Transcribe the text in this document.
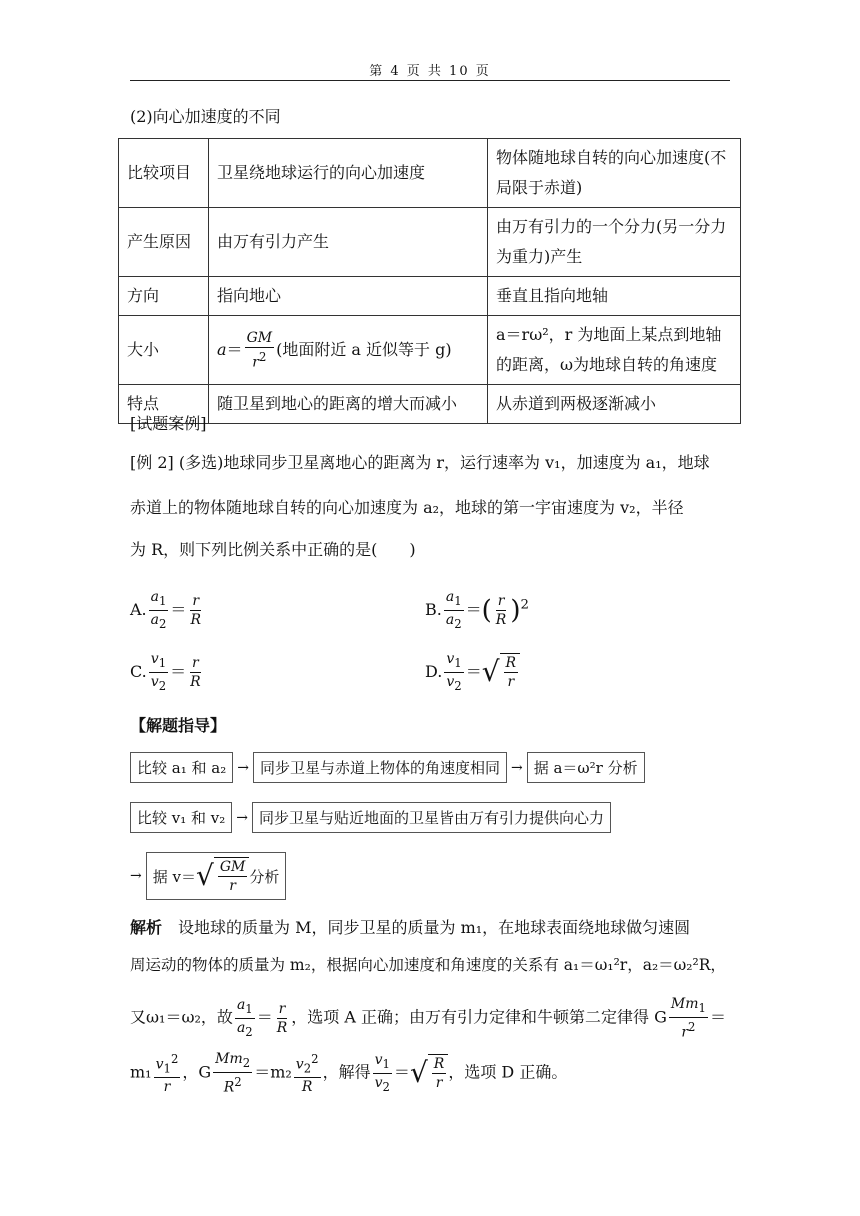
第 4 页 共 10 页
(2)向心加速度的不同
比较项目	卫星绕地球运行的向心加速度	物体随地球自转的向心加速度(不局限于赤道)
产生原因	由万有引力产生	由万有引力的一个分力(另一分力为重力)产生
方向	指向地心	垂直且指向地轴
大小	$a= \frac{GM}{r^2}$ (地面附近 a 近似等于 g)	a＝rω²，r 为地面上某点到地轴的距离，ω为地球自转的角速度
特点	随卫星到地心的距离的增大而减小	从赤道到两极逐渐减小
[试题案例]
[例 2] (多选)地球同步卫星离地心的距离为 r，运行速率为 v₁，加速度为 a₁，地球
赤道上的物体随地球自转的向心加速度为 a₂，地球的第一宇宙速度为 v₂，半径
为 R，则下列比例关系中正确的是(　　)
A. $\frac{a_1}{a_2} = \frac{r}{R}$	B. $\frac{a_1}{a_2}$ ＝( $\frac{r}{R} )^2$
C. $\frac{v_1}{v_2} = \frac{r}{R}$	D. $\frac{v_1}{v_2}$ ＝ √ $\frac{R}{r}$
【解题指导】
比较 a₁ 和 a₂ → 同步卫星与赤道上物体的角速度相同 → 据 a＝ω²r 分析
比较 v₁ 和 v₂ → 同步卫星与贴近地面的卫星皆由万有引力提供向心力
→ 据 v＝ √ $\frac{GM}{r}$ 分析
解析　 设地球的质量为 M，同步卫星的质量为 m₁，在地球表面绕地球做匀速圆
周运动的物体的质量为 m₂，根据向心加速度和角速度的关系有 a₁＝ω₁²r，a₂＝ω₂²R，
又ω₁＝ω₂，故 $\frac{a_1}{a_2} = \frac{r}{R}$ ，选项 A 正确；由万有引力定律和牛顿第二定律得 G $\frac{Mm_1}{r^2}$ ＝
$m_1 \frac{v_1^2}{r}$ ，G $\frac{Mm_2}{R^2} =m_2 \frac{v_2^2}{R}$ ，解得 $\frac{v_1}{v_2}$ ＝ √ $\frac{R}{r}$ ，选项 D 正确。
